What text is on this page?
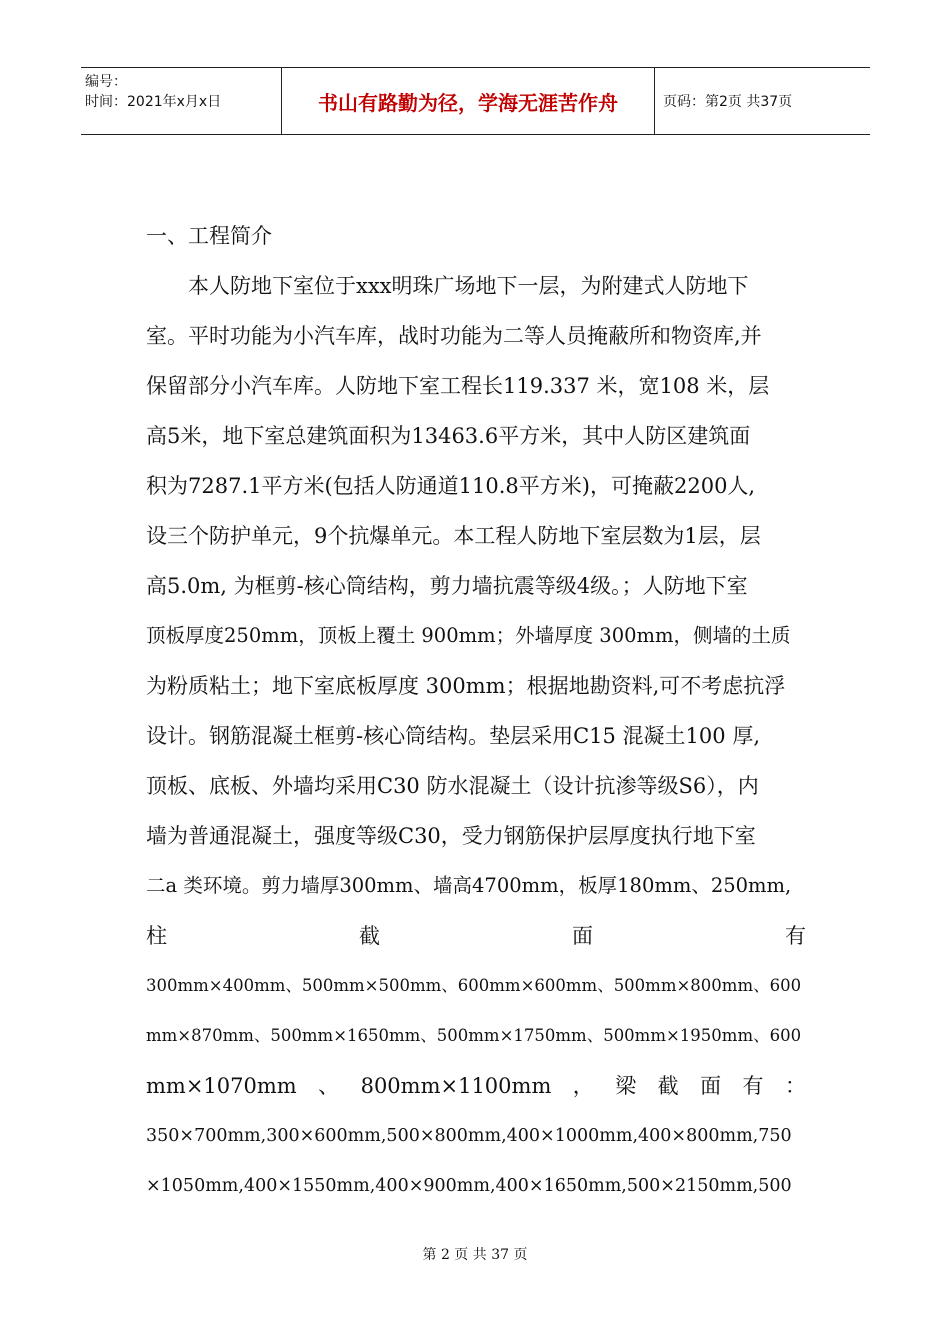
编号：
时间：2021年x月x日	书山有路勤为径，学海无涯苦作舟	页码：第2页 共37页
一、工程简介
本人防地下室位于xxx明珠广场地下一层，为附建式人防地下
室。平时功能为小汽车库，战时功能为二等人员掩蔽所和物资库,并
保留部分小汽车库。人防地下室工程长119.337 米，宽108 米，层
高5米，地下室总建筑面积为13463.6平方米，其中人防区建筑面
积为7287.1平方米(包括人防通道110.8平方米)，可掩蔽2200人,
设三个防护单元，9个抗爆单元。本工程人防地下室层数为1层，层
高5.0m, 为框剪-核心筒结构，剪力墙抗震等级4级。；人防地下室
顶板厚度250mm，顶板上覆土 900mm；外墙厚度 300mm，侧墙的土质
为粉质粘土；地下室底板厚度 300mm；根据地勘资料,可不考虑抗浮
设计。钢筋混凝土框剪-核心筒结构。垫层采用C15 混凝土100 厚,
顶板、底板、外墙均采用C30 防水混凝土（设计抗渗等级S6），内
墙为普通混凝土，强度等级C30，受力钢筋保护层厚度执行地下室
二a 类环境。剪力墙厚300mm、墙高4700mm，板厚180mm、250mm,
柱	截	面	有
300mm×400mm、500mm×500mm、600mm×600mm、500mm×800mm、600
mm×870mm、500mm×1650mm、500mm×1750mm、500mm×1950mm、600
mm×1070mm 、 800mm×1100mm ， 梁 截 面 有 ：
350×700mm,300×600mm,500×800mm,400×1000mm,400×800mm,750
×1050mm,400×1550mm,400×900mm,400×1650mm,500×2150mm,500
第 2 页 共 37 页
